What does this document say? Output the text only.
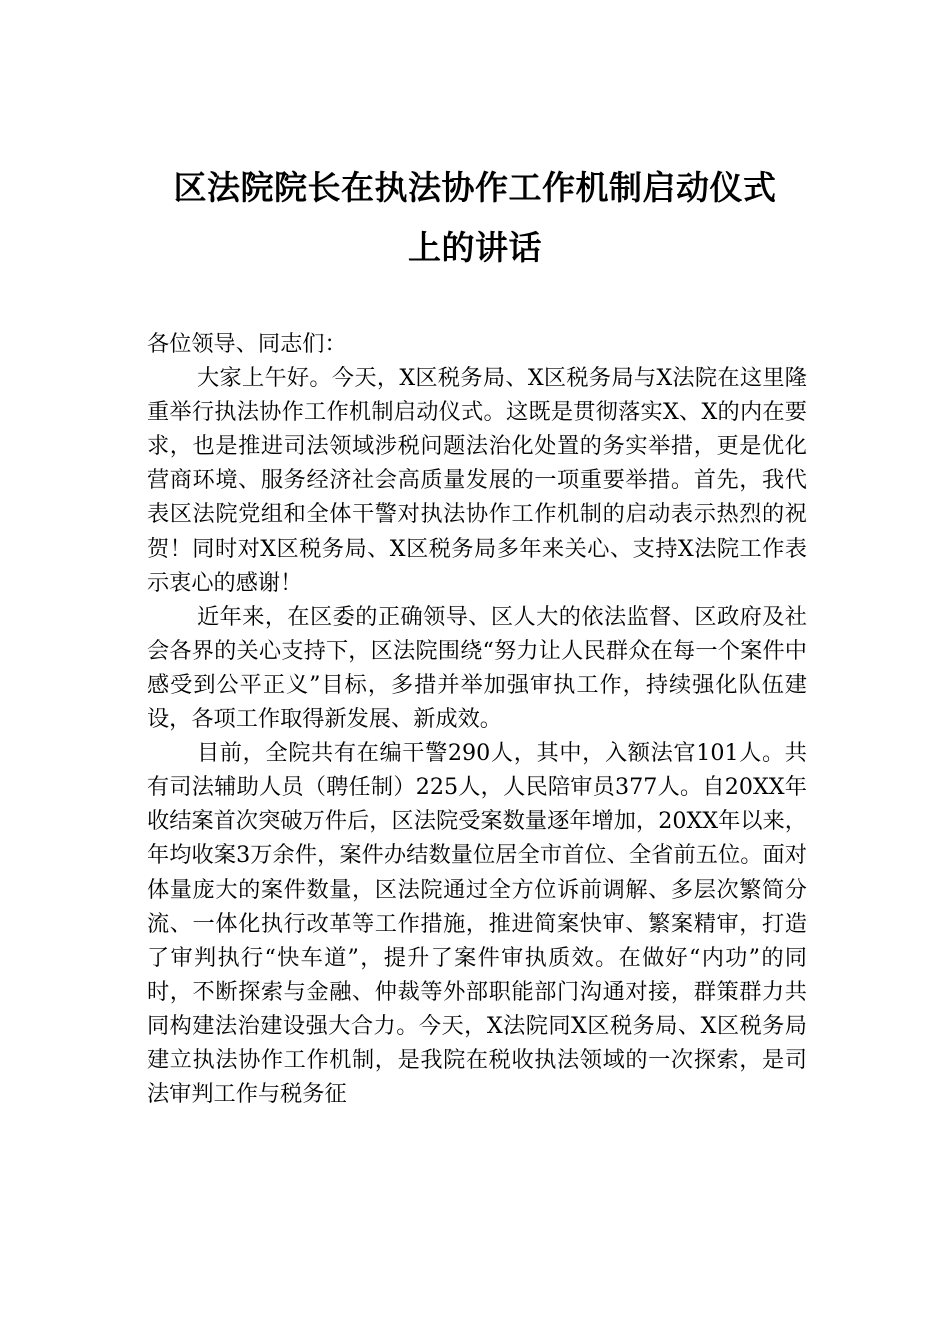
区法院院长在执法协作工作机制启动仪式
上的讲话

各位领导、同志们：

大家上午好。今天，X区税务局、X区税务局与X法院在这里隆重举行执法协作工作机制启动仪式。这既是贯彻落实X、X的内在要求，也是推进司法领域涉税问题法治化处置的务实举措，更是优化营商环境、服务经济社会高质量发展的一项重要举措。首先，我代表区法院党组和全体干警对执法协作工作机制的启动表示热烈的祝贺！同时对X区税务局、X区税务局多年来关心、支持X法院工作表示衷心的感谢！

近年来，在区委的正确领导、区人大的依法监督、区政府及社会各界的关心支持下，区法院围绕“努力让人民群众在每一个案件中感受到公平正义”目标，多措并举加强审执工作，持续强化队伍建设，各项工作取得新发展、新成效。

目前，全院共有在编干警290人，其中，入额法官101人。共有司法辅助人员（聘任制）225人，人民陪审员377人。自20XX年收结案首次突破万件后，区法院受案数量逐年增加，20XX年以来，年均收案3万余件，案件办结数量位居全市首位、全省前五位。面对体量庞大的案件数量，区法院通过全方位诉前调解、多层次繁简分流、一体化执行改革等工作措施，推进简案快审、繁案精审，打造了审判执行“快车道”，提升了案件审执质效。在做好“内功”的同时，不断探索与金融、仲裁等外部职能部门沟通对接，群策群力共同构建法治建设强大合力。今天，X法院同X区税务局、X区税务局建立执法协作工作机制，是我院在税收执法领域的一次探索，是司法审判工作与税务征
